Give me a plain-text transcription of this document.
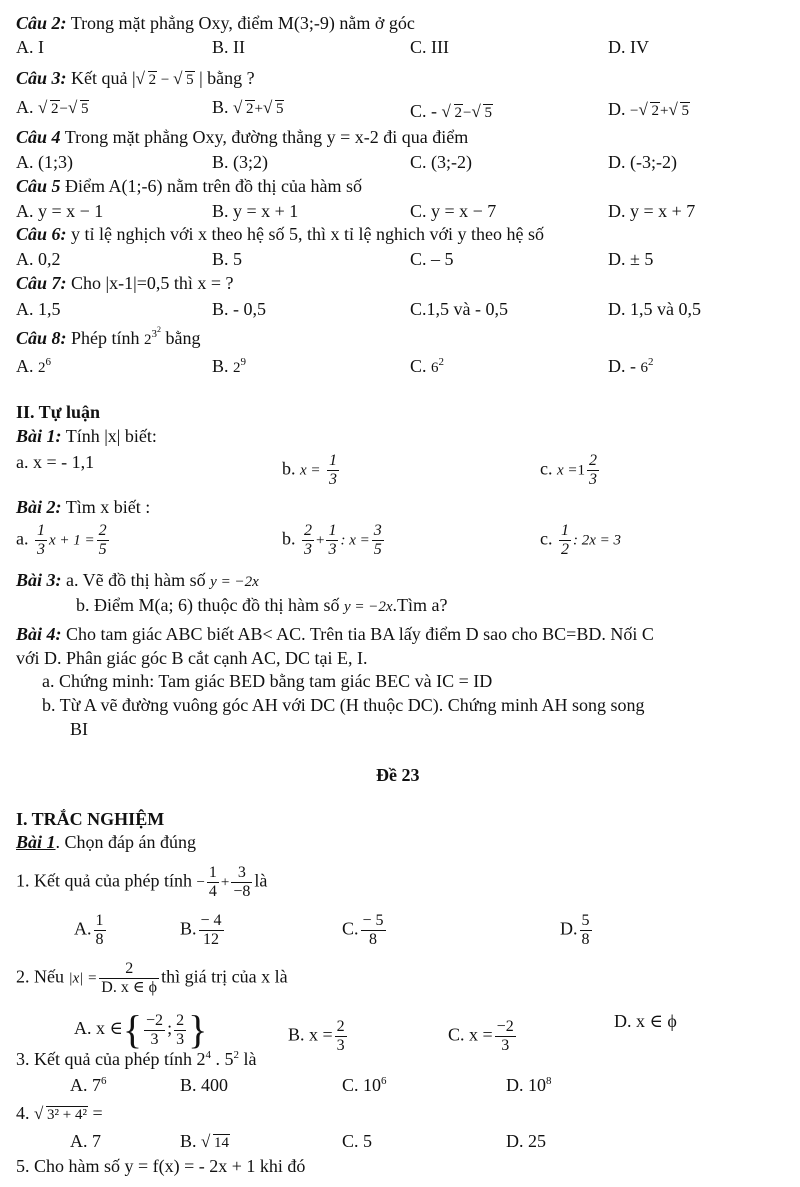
Câu 2: Trong mặt phẳng Oxy, điểm M(3;-9) nằm ở góc
A. I	B. II	C. III	D. IV
Câu 3: Kết quả | √ 2 − √ 5 | bằng ?
A. √ 2− √ 5	B. √ 2+ √ 5	C. - √ 2− √ 5	D. − √ 2+ √ 5
Câu 4 Trong mặt phẳng Oxy, đường thẳng y = x-2 đi qua điểm
A. (1;3)	B. (3;2)	C. (3;-2)	D. (-3;-2)
Câu 5 Điểm A(1;-6) nằm trên đồ thị của hàm số
A. y = x − 1	B. y = x + 1	C. y = x − 7	D. y = x + 7
Câu 6: y tỉ lệ nghịch với x theo hệ số 5, thì x tỉ lệ nghich với y theo hệ số
A. 0,2	B. 5	C. – 5	D. ± 5
Câu 7: Cho |x-1|=0,5 thì x = ?
A. 1,5	B. - 0,5	C.1,5 và - 0,5	D. 1,5 và 0,5
Câu 8: Phép tính $2^{3^2}$ bằng
A. $2^6$	B. $2^9$	C. $6^2$	D. - $6^2$
II. Tự luận
Bài 1: Tính |x| biết:
a. x = - 1,1	b. $x = \frac{1}{3}$	c. $x =1 \frac{2}{3}$
Bài 2: Tìm x biết :
a. $\frac{1}{3}$ $x + 1 = \frac{2}{5}$	b. $\frac{2}{3} + \frac{1}{3}$ : $x = \frac{3}{5}$	c. $\frac{1}{2}$ : 2x = 3
Bài 3: a. Vẽ đồ thị hàm số y = −2x
b. Điểm M(a; 6) thuộc đồ thị hàm số y = −2x.Tìm a?
Bài 4: Cho tam giác ABC biết AB< AC. Trên tia BA lấy điểm D sao cho BC=BD. Nối C
với D. Phân giác góc B cắt cạnh AC, DC tại E, I.
a. Chứng minh: Tam giác BED bằng tam giác BEC và IC = ID
b. Từ A vẽ đường vuông góc AH với DC (H thuộc DC). Chứng minh AH song song
BI
Đề 23
I. TRẮC NGHIỆM
Bài 1. Chọn đáp án đúng
1. Kết quả của phép tính − $\frac{1}{4} + \frac{3}{-8}$ là
A. $\frac{1}{8}$	B. $\frac{- 4}{12}$	C. $\frac{- 5}{8}$	D. $\frac{5}{8}$
2. Nếu $|x| = \frac{2}{D. x \in \phi}$ thì giá trị của x là
A. x ∈{ $\frac{-2}{3}$ ; $\frac{2}{3}$ }	B. $x = \frac{2}{3}$	C. $x = \frac{-2}{3}$	D. x ∈ ϕ
3. Kết quả của phép tính $2^4$ . $5^2$ là
A. $7^6$	B. 400	C. $10^6$	D. $10^8$
4. √ 3² + 4² =
A. 7	B. √ 14	C. 5	D. 25
5. Cho hàm số y = f(x) = - 2x + 1 khi đó
